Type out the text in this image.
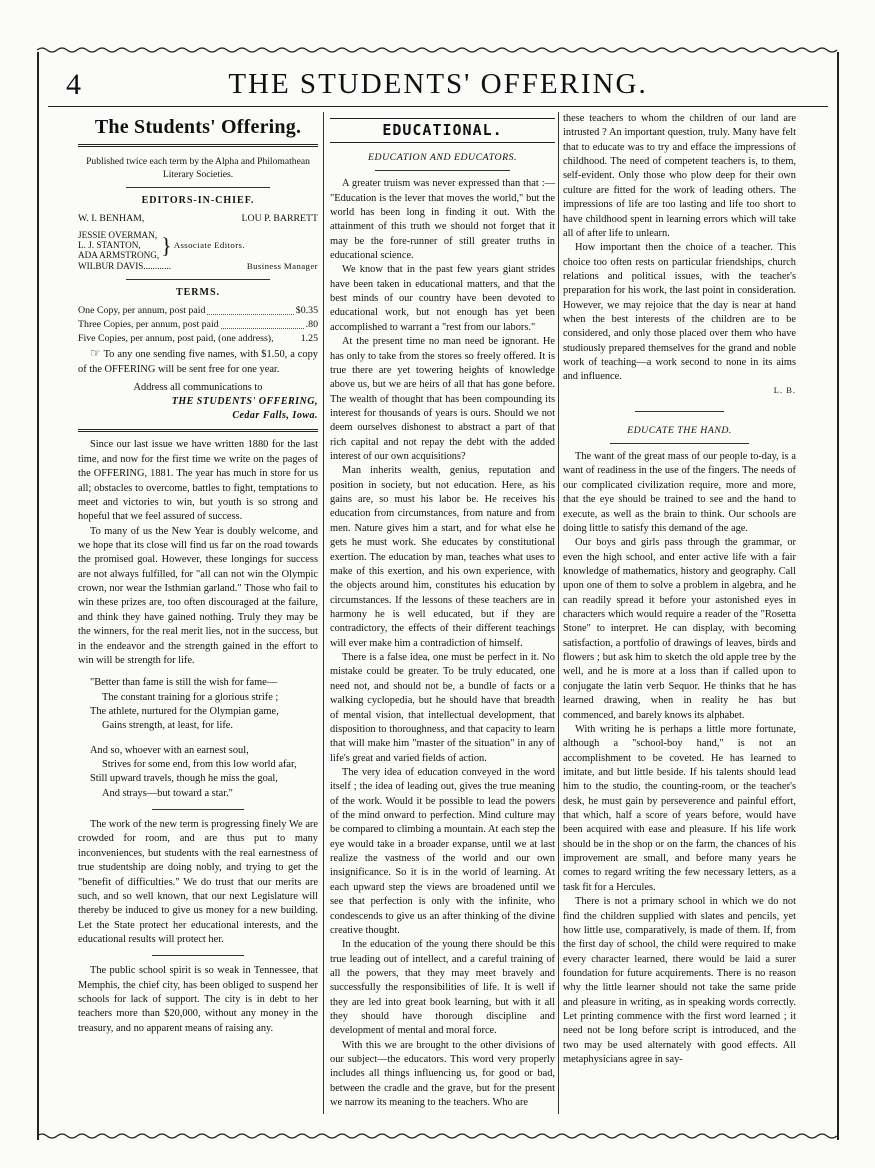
4	THE STUDENTS' OFFERING.
The Students' Offering.
Published twice each term by the Alpha and Philomathean Literary Societies.
EDITORS-IN-CHIEF.
W. I. BENHAM,	LOU P. BARRETT
JESSIE OVERMAN,
L. J. STANTON,
ADA ARMSTRONG, } Associate Editors.
WILBUR DAVIS............	Business Manager
TERMS.
One Copy, per annum, post paid	$0.35
Three Copies, per annum, post paid	.80
Five Copies, per annum, post paid, (one address),	1.25

☞ To any one sending five names, with $1.50, a copy of the OFFERING will be sent free for one year.

Address all communications to
THE STUDENTS' OFFERING,
Cedar Falls, Iowa.

Since our last issue we have written 1880 for the last time, and now for the first time we write on the pages of the OFFERING, 1881. The year has much in store for us all; obstacles to overcome, battles to fight, temptations to meet and victories to win, but youth is so strong and hopeful that we feel assured of success.

To many of us the New Year is doubly welcome, and we hope that its close will find us far on the road towards the promised goal. However, these longings for success are not always fulfilled, for "all can not win the Olympic crown, nor wear the Isthmian garland." Those who fail to win these prizes are, too often discouraged at the failure, and think they have gained nothing. Truly they may be the winners, for the real merit lies, not in the success, but in the endeavor and the strength gained in the effort to win will be strength for life.

"Better than fame is still the wish for fame—
The constant training for a glorious strife ;
The athlete, nurtured for the Olympian game,
Gains strength, at least, for life.
And so, whoever with an earnest soul,
Strives for some end, from this low world afar,
Still upward travels, though he miss the goal,
And strays—but toward a star."

The work of the new term is progressing finely We are crowded for room, and are thus put to many inconveniences, but students with the real earnestness of true studentship are doing nobly, and trying to get the "benefit of difficulties." We do trust that our merits are such, and so well known, that our next Legislature will thereby be induced to give us money for a new building. Let the State protect her educational interests, and the educational results will protect her.

The public school spirit is so weak in Tennessee, that Memphis, the chief city, has been obliged to suspend her schools for lack of support. The city is in debt to her teachers more than $20,000, without any money in the treasury, and no apparent means of raising any.

EDUCATIONAL.
EDUCATION AND EDUCATORS.

A greater truism was never expressed than that :— "Education is the lever that moves the world," but the world has been long in finding it out. With the attainment of this truth we should not forget that it may be the fore-runner of still greater truths in educational science.

We know that in the past few years giant strides have been taken in educational matters, and that the best minds of our country have been devoted to educational work, but not enough has yet been accomplished to warrant a "rest from our labors."

At the present time no man need be ignorant. He has only to take from the stores so freely offered. It is true there are yet towering heights of knowledge above us, but we are heirs of all that has gone before. The wealth of thought that has been compounding its interest for thousands of years is ours. Should we not deem ourselves dishonest to abstract a part of that rich capital and not repay the debt with the added interest of our own acquisitions?

Man inherits wealth, genius, reputation and position in society, but not education. Here, as his gains are, so must his labor be. He receives his education from circumstances, from nature and from men. Nature gives him a start, and for what else he gets he must work. She educates by constitutional exertion. The education by man, teaches what uses to make of this exertion, and his own experience, with the objects around him, constitutes his education by circumstances. If the lessons of these teachers are in harmony he is well educated, but if they are contradictory, the effects of their different teachings will ever make him a contradiction of himself.

There is a false idea, one must be perfect in it. No mistake could be greater. To be truly educated, one need not, and should not be, a bundle of facts or a walking cyclopedia, but he should have that breadth of mental vision, that intellectual development, that disposition to thoroughness, and that capacity to learn that will make him "master of the situation" in any of life's great and varied fields of action.

The very idea of education conveyed in the word itself ; the idea of leading out, gives the true meaning of the work. Would it be possible to lead the powers of the mind onward to perfection. Mind culture may be compared to climbing a mountain. At each step the eye would take in a broader expanse, until we at last realize the vastness of the world and our own insignificance. So it is in the world of learning. At each upward step the views are broadened until we see that perfection is only with the infinite, who condescends to give us an after thinking of the divine creative thought.

In the education of the young there should be this true leading out of intellect, and a careful training of all the powers, that they may meet bravely and successfully the responsibilities of life. It is well if they are led into great book learning, but with it all they should have thorough discipline and development of mental and moral force.

With this we are brought to the other divisions of our subject—the educators. This word very properly includes all things influencing us, for good or bad, between the cradle and the grave, but for the present we narrow its meaning to the teachers. Who are

these teachers to whom the children of our land are intrusted ? An important question, truly. Many have felt that to educate was to try and efface the impressions of childhood. The need of competent teachers is, to them, self-evident. Only those who plow deep for their own culture are fitted for the work of leading others. The impressions of life are too lasting and life too short to have childhood spent in learning errors which will take all of after life to unlearn.

How important then the choice of a teacher. This choice too often rests on particular friendships, church relations and political issues, with the teacher's preparation for his work, the last point in consideration. However, we may rejoice that the day is near at hand when the best interests of the children are to be considered, and only those placed over them who have studiously prepared themselves for the grand and noble work of teaching—a work second to none in its aims and influence.

L. B.
EDUCATE THE HAND.

The want of the great mass of our people to-day, is a want of readiness in the use of the fingers. The needs of our complicated civilization require, more and more, that the eye should be trained to see and the hand to execute, as well as the brain to think. Our schools are doing little to satisfy this demand of the age.

Our boys and girls pass through the grammar, or even the high school, and enter active life with a fair knowledge of mathematics, history and geography. Call upon one of them to solve a problem in algebra, and he can readily spread it before your astonished eyes in characters which would require a reader of the "Rosetta Stone" to interpret. He can display, with becoming satisfaction, a portfolio of drawings of leaves, birds and flowers ; but ask him to sketch the old apple tree by the well, and he is more at a loss than if called upon to conjugate the latin verb Sequor. He thinks that he has learned drawing, when in reality he has but commenced, and barely knows its alphabet.

With writing he is perhaps a little more fortunate, although a "school-boy hand," is not an accomplishment to be coveted. He has learned to imitate, and but little beside. If his talents should lead him to the studio, the counting-room, or the teacher's desk, he must gain by perseverence and painful effort, that which, half a score of years before, would have been acquired with ease and pleasure. If his life work should be in the shop or on the farm, the chances of his improvement are small, and before many years he comes to regard writing the few necessary letters, as a task fit for a Hercules.

There is not a primary school in which we do not find the children supplied with slates and pencils, yet how little use, comparatively, is made of them. If, from the first day of school, the child were required to make every character learned, there would be laid a surer foundation for future acquirements. There is no reason why the little learner should not take the same pride and pleasure in writing, as in speaking words correctly. Let printing commence with the first word learned ; it need not be long before script is introduced, and the two may be used alternately with good effects. All metaphysicians agree in say-
